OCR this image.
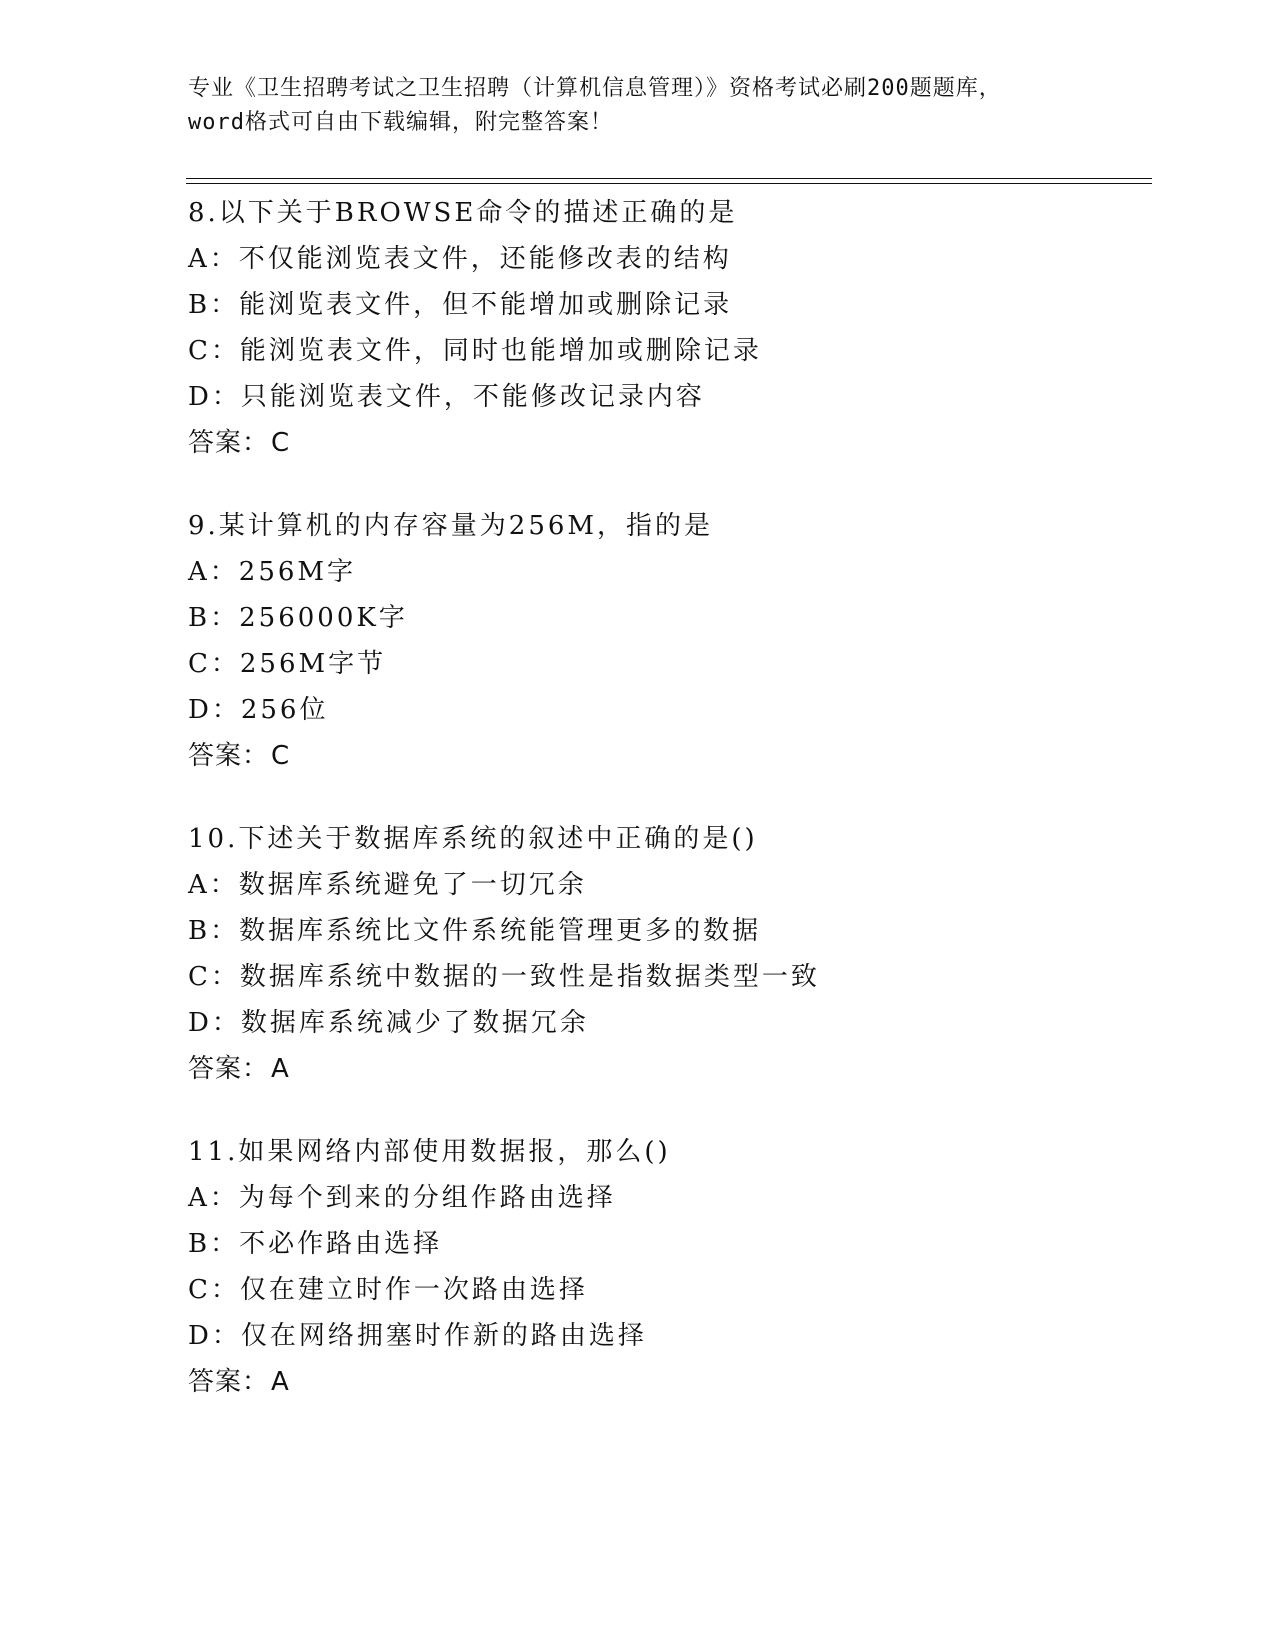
专业《卫生招聘考试之卫生招聘（计算机信息管理）》资格考试必刷200题题库，
word格式可自由下载编辑，附完整答案！
8.以下关于BROWSE命令的描述正确的是
A：不仅能浏览表文件，还能修改表的结构
B：能浏览表文件，但不能增加或删除记录
C：能浏览表文件，同时也能增加或删除记录
D：只能浏览表文件，不能修改记录内容
答案：C
9.某计算机的内存容量为256M，指的是
A：256M字
B：256000K字
C：256M字节
D：256位
答案：C
10.下述关于数据库系统的叙述中正确的是()
A：数据库系统避免了一切冗余
B：数据库系统比文件系统能管理更多的数据
C：数据库系统中数据的一致性是指数据类型一致
D：数据库系统减少了数据冗余
答案：A
11.如果网络内部使用数据报，那么()
A：为每个到来的分组作路由选择
B：不必作路由选择
C：仅在建立时作一次路由选择
D：仅在网络拥塞时作新的路由选择
答案：A
